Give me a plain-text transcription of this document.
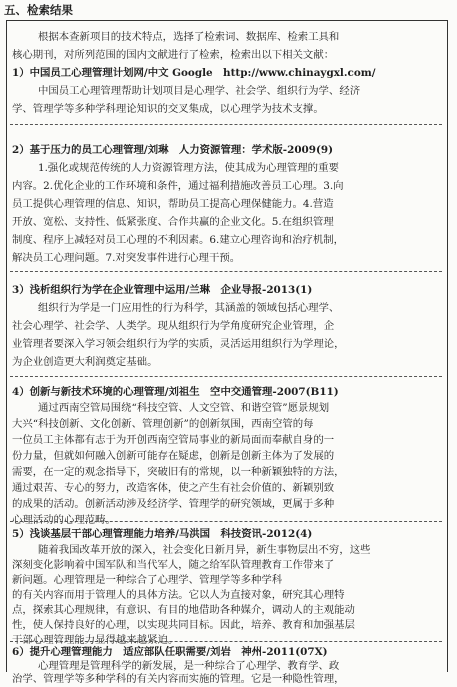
五、检索结果
根据本查新项目的技术特点，选择了检索词、数据库、检索工具和
核心期刊，对所列范围的国内文献进行了检索，检索出以下相关文献：
1）中国员工心理管理计划网/中文 Google　http://www.chinaygxl.com/
中国员工心理管理帮助计划项目是心理学、社会学、组织行为学、经济
学、管理学等多种学科理论知识的交叉集成，以心理学为技术支撑。
2）基于压力的员工心理管理/刘琳　人力资源管理：学术版-2009(9)
1.强化或规范传统的人力资源管理方法，使其成为心理管理的重要
内容。2.优化企业的工作环境和条件，通过福利措施改善员工心理。3.向
员工提供心理管理的信息、知识，帮助员工提高心理保健能力。4.营造
开放、宽松、支持性、低紧张度、合作共赢的企业文化。5.在组织管理
制度、程序上减轻对员工心理的不利因素。6.建立心理咨询和治疗机制，
解决员工心理问题。7.对突发事件进行心理干预。
3）浅析组织行为学在企业管理中运用/兰琳　企业导报-2013(1)
组织行为学是一门应用性的行为科学，其涵盖的领域包括心理学、
社会心理学、社会学、人类学。现从组织行为学角度研究企业管理，企
业管理者要深入学习领会组织行为学的实质，灵活运用组织行为学理论，
为企业创造更大利润奠定基础。
4）创新与新技术环境的心理管理/刘祖生　空中交通管理-2007(B11)
通过西南空管局围绕“科技空管、人文空管、和谐空管”愿景规划
大兴“科技创新、文化创新、管理创新”的创新氛围，西南空管的每
一位员工主体都有志于为开创西南空管局事业的新局面而奉献自身的一
份力量，但就如何融入创新可能存在疑虑，创新是创新主体为了发展的
需要，在一定的观念指导下，突破旧有的常规，以一种新颖独特的方法，
通过艰苦、专心的努力，改造客体，使之产生有社会价值的、新颖别致
的成果的活动。创新活动涉及经济学、管理学的研究领域，更属于多种
心理活动的心理范畴。
5）浅谈基层干部心理管理能力培养/马洪国　科技资讯-2012(4)
随着我国改革开放的深入，社会变化日新月异，新生事物层出不穷，这些
深刻变化影响着中国军队和当代军人，随之给军队管理教育工作带来了
新问题。心理管理是一种综合了心理学、管理学等多种学科
的有关内容而用于管理人的具体方法。它以人为直接对象，研究其心理特
点，探索其心理规律，有意识、有目的地借助各种媒介，调动人的主观能动
性，使人保持良好的心理，以实现共同目标。因此，培养、教育和加强基层
干部心理管理能力显得越来越紧迫。
6）提升心理管理能力　适应部队任职需要/刘岩　神州-2011(07X)
心理管理是管理科学的新发展，是一种综合了心理学、教育学、政
治学、管理学等多种学科的有关内容而实施的管理。它是一种隐性管理，
